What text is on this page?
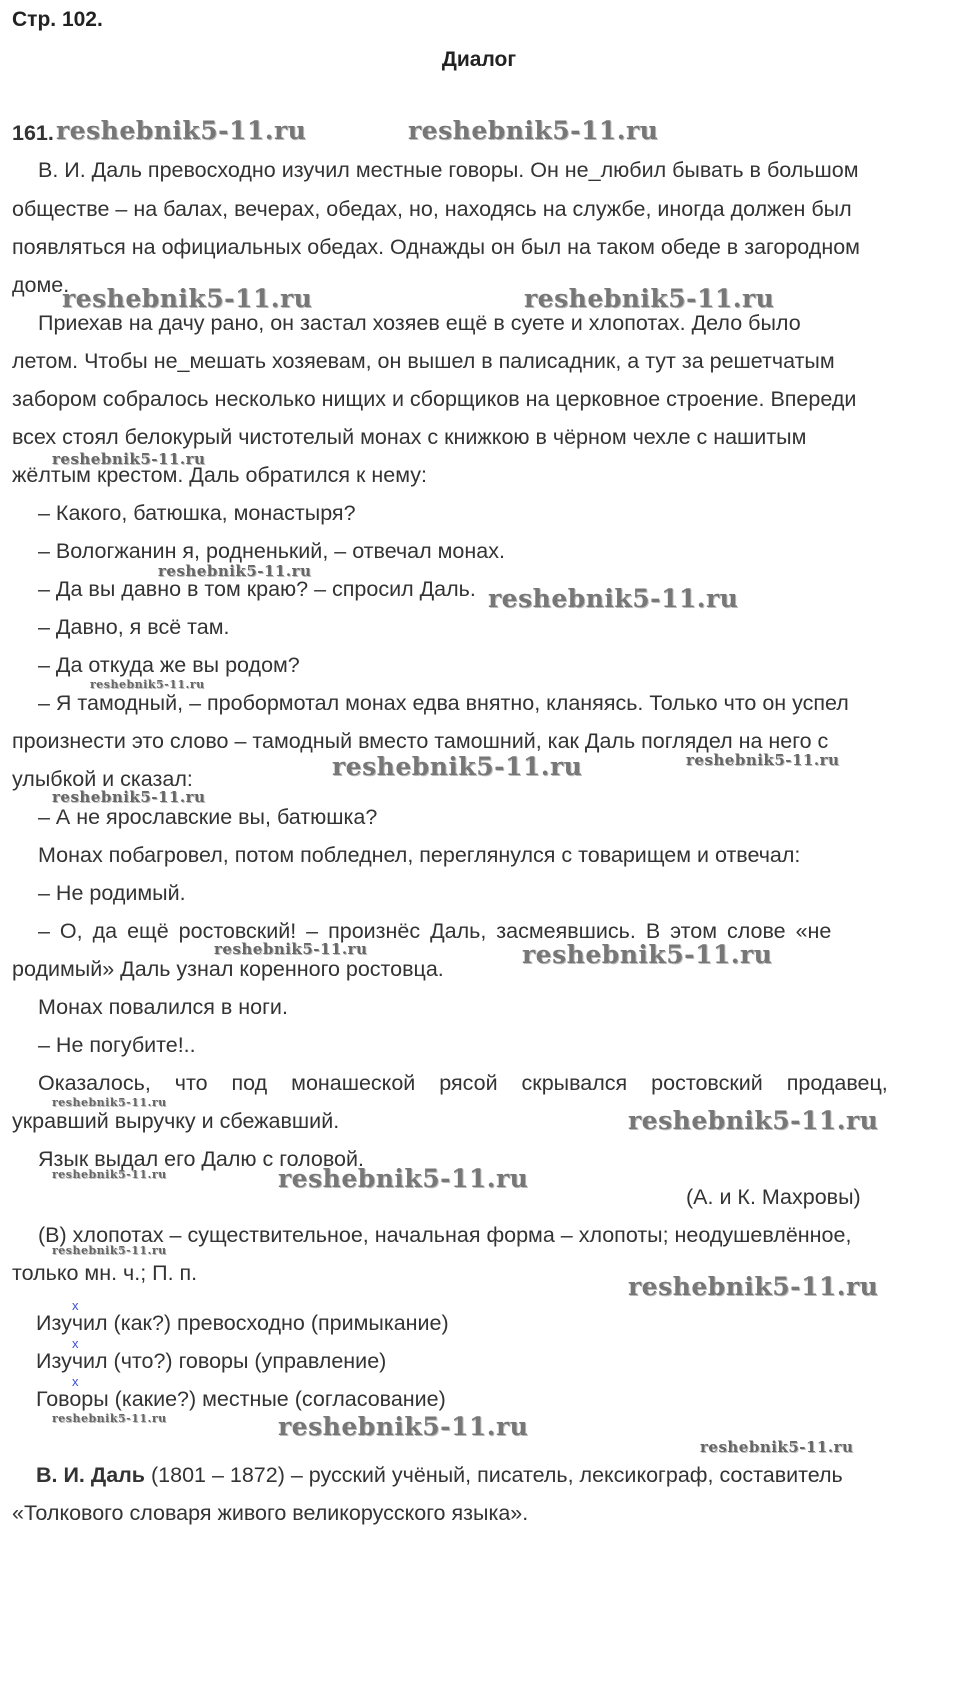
Стр. 102.
Диалог
161.
В. И. Даль превосходно изучил местные говоры. Он не_любил бывать в большом
обществе – на балах, вечерах, обедах, но, находясь на службе, иногда должен был
появляться на официальных обедах. Однажды он был на таком обеде в загородном
доме.
Приехав на дачу рано, он застал хозяев ещё в суете и хлопотах. Дело было
летом. Чтобы не_мешать хозяевам, он вышел в палисадник, а тут за решетчатым
забором собралось несколько нищих и сборщиков на церковное строение. Впереди
всех стоял белокурый чистотелый монах с книжкою в чёрном чехле с нашитым
жёлтым крестом. Даль обратился к нему:
– Какого, батюшка, монастыря?
– Вологжанин я, родненький, – отвечал монах.
– Да вы давно в том краю? – спросил Даль.
– Давно, я всё там.
– Да откуда же вы родом?
– Я тамодный, – пробормотал монах едва внятно, кланяясь. Только что он успел
произнести это слово – тамодный вместо тамошний, как Даль поглядел на него с
улыбкой и сказал:
– А не ярославские вы, батюшка?
Монах побагровел, потом побледнел, переглянулся с товарищем и отвечал:
– Не родимый.
– О, да ещё ростовский! – произнёс Даль, засмеявшись. В этом слове «не
родимый» Даль узнал коренного ростовца.
Монах повалился в ноги.
– Не погубите!..
Оказалось, что под монашеской рясой скрывался ростовский продавец,
укравший выручку и сбежавший.
Язык выдал его Далю с головой.
(А. и К. Махровы)
(В) хлопотах – существительное, начальная форма – хлопоты; неодушевлённое,
только мн. ч.; П. п.
x
Изучил (как?) превосходно (примыкание)
x
Изучил (что?) говоры (управление)
x
Говоры (какие?) местные (согласование)
В. И. Даль (1801 – 1872) – русский учёный, писатель, лексикограф, составитель
«Толкового словаря живого великорусского языка».
reshebnik5-11.ru	reshebnik5-11.ru
reshebnik5-11.ru	reshebnik5-11.ru
reshebnik5-11.ru
reshebnik5-11.ru
reshebnik5-11.ru
reshebnik5-11.ru
reshebnik5-11.ru	reshebnik5-11.ru
reshebnik5-11.ru
reshebnik5-11.ru	reshebnik5-11.ru
reshebnik5-11.ru
reshebnik5-11.ru
reshebnik5-11.ru	reshebnik5-11.ru
reshebnik5-11.ru
reshebnik5-11.ru
reshebnik5-11.ru	reshebnik5-11.ru
reshebnik5-11.ru
